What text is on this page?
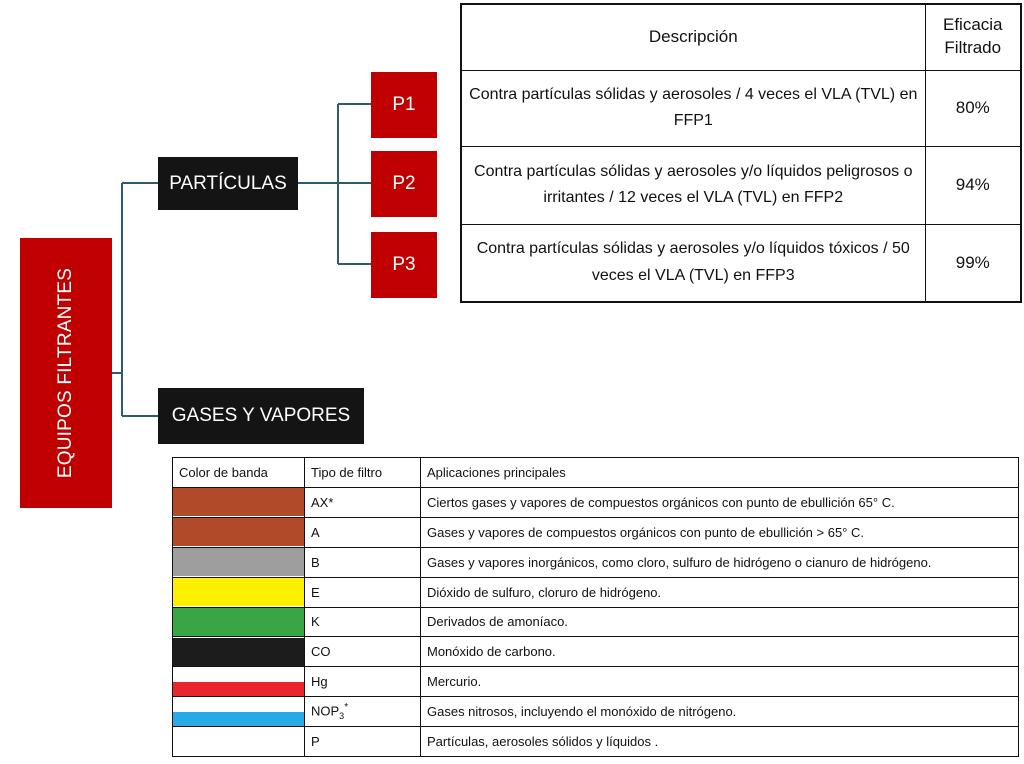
EQUIPOS FILTRANTES
PARTÍCULAS
GASES Y VAPORES
P1
P2
P3
Descripción	Eficacia
Filtrado

Contra partículas sólidas y aerosoles / 4 veces el VLA (TVL) en FFP1	80%
Contra partículas sólidas y aerosoles y/o líquidos peligrosos o irritantes / 12 veces el VLA (TVL) en FFP2	94%
Contra partículas sólidas y aerosoles y/o líquidos tóxicos / 50 veces el VLA (TVL) en FFP3	99%
Color de banda	Tipo de filtro	Aplicaciones principales

	AX*	Ciertos gases y vapores de compuestos orgánicos con punto de ebullición 65° C.

	A	Gases y vapores de compuestos orgánicos con punto de ebullición > 65° C.

	B	Gases y vapores inorgánicos, como cloro, sulfuro de hidrógeno o cianuro de hidrógeno.

	E	Dióxido de sulfuro, cloruro de hidrógeno.

	K	Derivados de amoníaco.

	CO	Monóxido de carbono.

	Hg	Mercurio.

	$NOP_3^*$	Gases nitrosos, incluyendo el monóxido de nitrógeno.

	P	Partículas, aerosoles sólidos y líquidos .
